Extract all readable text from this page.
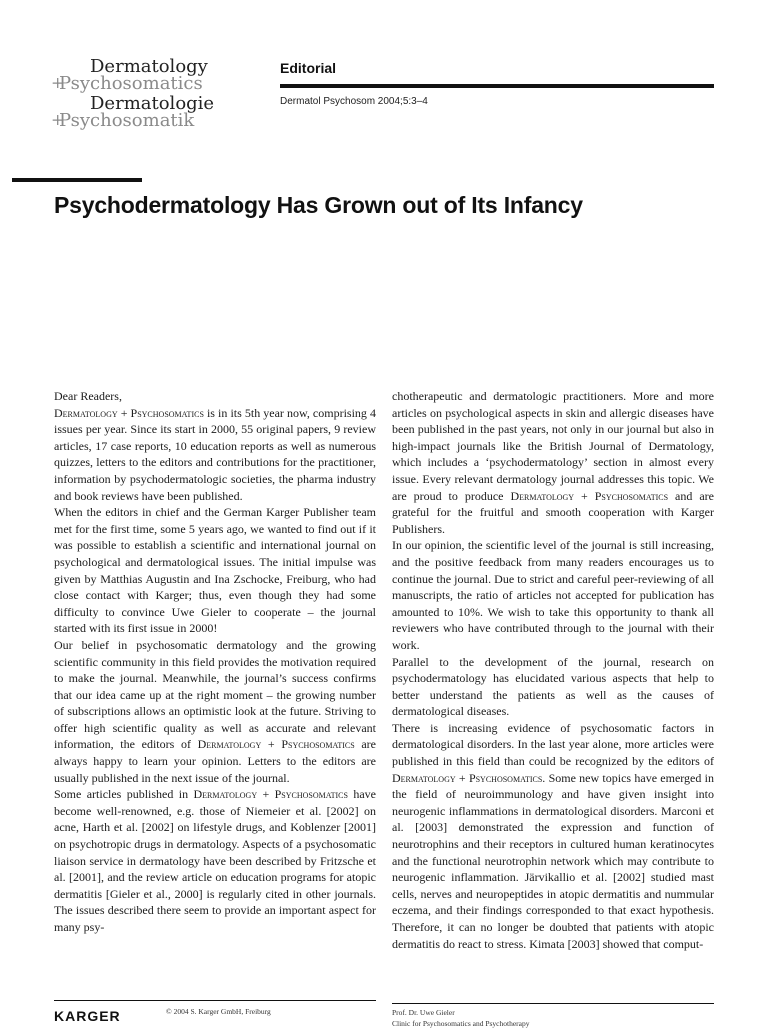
Dermatology
+ Psychosomatics
Dermatologie
+ Psychosomatik
Editorial
Dermatol Psychosom 2004;5:3–4
Psychodermatology Has Grown out of Its Infancy

Dear Readers,

Dermatology + Psychosomatics is in its 5th year now, comprising 4 issues per year. Since its start in 2000, 55 original papers, 9 review articles, 17 case reports, 10 education reports as well as numerous quizzes, letters to the editors and contributions for the practitioner, information by psychodermatologic societies, the pharma industry and book reviews have been published.

When the editors in chief and the German Karger Publisher team met for the first time, some 5 years ago, we wanted to find out if it was possible to establish a scientific and international journal on psychological and dermatological issues. The initial impulse was given by Matthias Augustin and Ina Zschocke, Freiburg, who had close contact with Karger; thus, even though they had some difficulty to convince Uwe Gieler to cooperate – the journal started with its first issue in 2000!

Our belief in psychosomatic dermatology and the growing scientific community in this field provides the motivation required to make the journal. Meanwhile, the journal’s success confirms that our idea came up at the right moment – the growing number of subscriptions allows an optimistic look at the future. Striving to offer high scientific quality as well as accurate and relevant information, the editors of Dermatology + Psychosomatics are always happy to learn your opinion. Letters to the editors are usually published in the next issue of the journal.

Some articles published in Dermatology + Psychosomatics have become well-renowned, e.g. those of Niemeier et al. [2002] on acne, Harth et al. [2002] on lifestyle drugs, and Koblenzer [2001] on psychotropic drugs in dermatology. Aspects of a psychosomatic liaison service in dermatology have been described by Fritzsche et al. [2001], and the review article on education programs for atopic dermatitis [Gieler et al., 2000] is regularly cited in other journals. The issues described there seem to provide an important aspect for many psy-

chotherapeutic and dermatologic practitioners. More and more articles on psychological aspects in skin and allergic diseases have been published in the past years, not only in our journal but also in high-impact journals like the British Journal of Dermatology, which includes a ‘psychodermatology’ section in almost every issue. Every relevant dermatology journal addresses this topic. We are proud to produce Dermatology + Psychosomatics and are grateful for the fruitful and smooth cooperation with Karger Publishers.

In our opinion, the scientific level of the journal is still increasing, and the positive feedback from many readers encourages us to continue the journal. Due to strict and careful peer-reviewing of all manuscripts, the ratio of articles not accepted for publication has amounted to 10%. We wish to take this opportunity to thank all reviewers who have contributed through to the journal with their work.

Parallel to the development of the journal, research on psychodermatology has elucidated various aspects that help to better understand the patients as well as the causes of dermatological diseases.

There is increasing evidence of psychosomatic factors in dermatological disorders. In the last year alone, more articles were published in this field than could be recognized by the editors of Dermatology + Psychosomatics. Some new topics have emerged in the field of neuroimmunology and have given insight into neurogenic inflammations in dermatological disorders. Marconi et al. [2003] demonstrated the expression and function of neurotrophins and their receptors in cultured human keratinocytes and the functional neurotrophin network which may contribute to neurogenic inflammation. Järvikallio et al. [2002] studied mast cells, nerves and neuropeptides in atopic dermatitis and nummular eczema, and their findings corresponded to that exact hypothesis. Therefore, it can no longer be doubted that patients with atopic dermatitis do react to stress. Kimata [2003] showed that comput-

KARGER	© 2004 S. Karger GmbH, Freiburg	Prof. Dr. Uwe Gieler
Clinic for Psychosomatics and Psychotherapy
